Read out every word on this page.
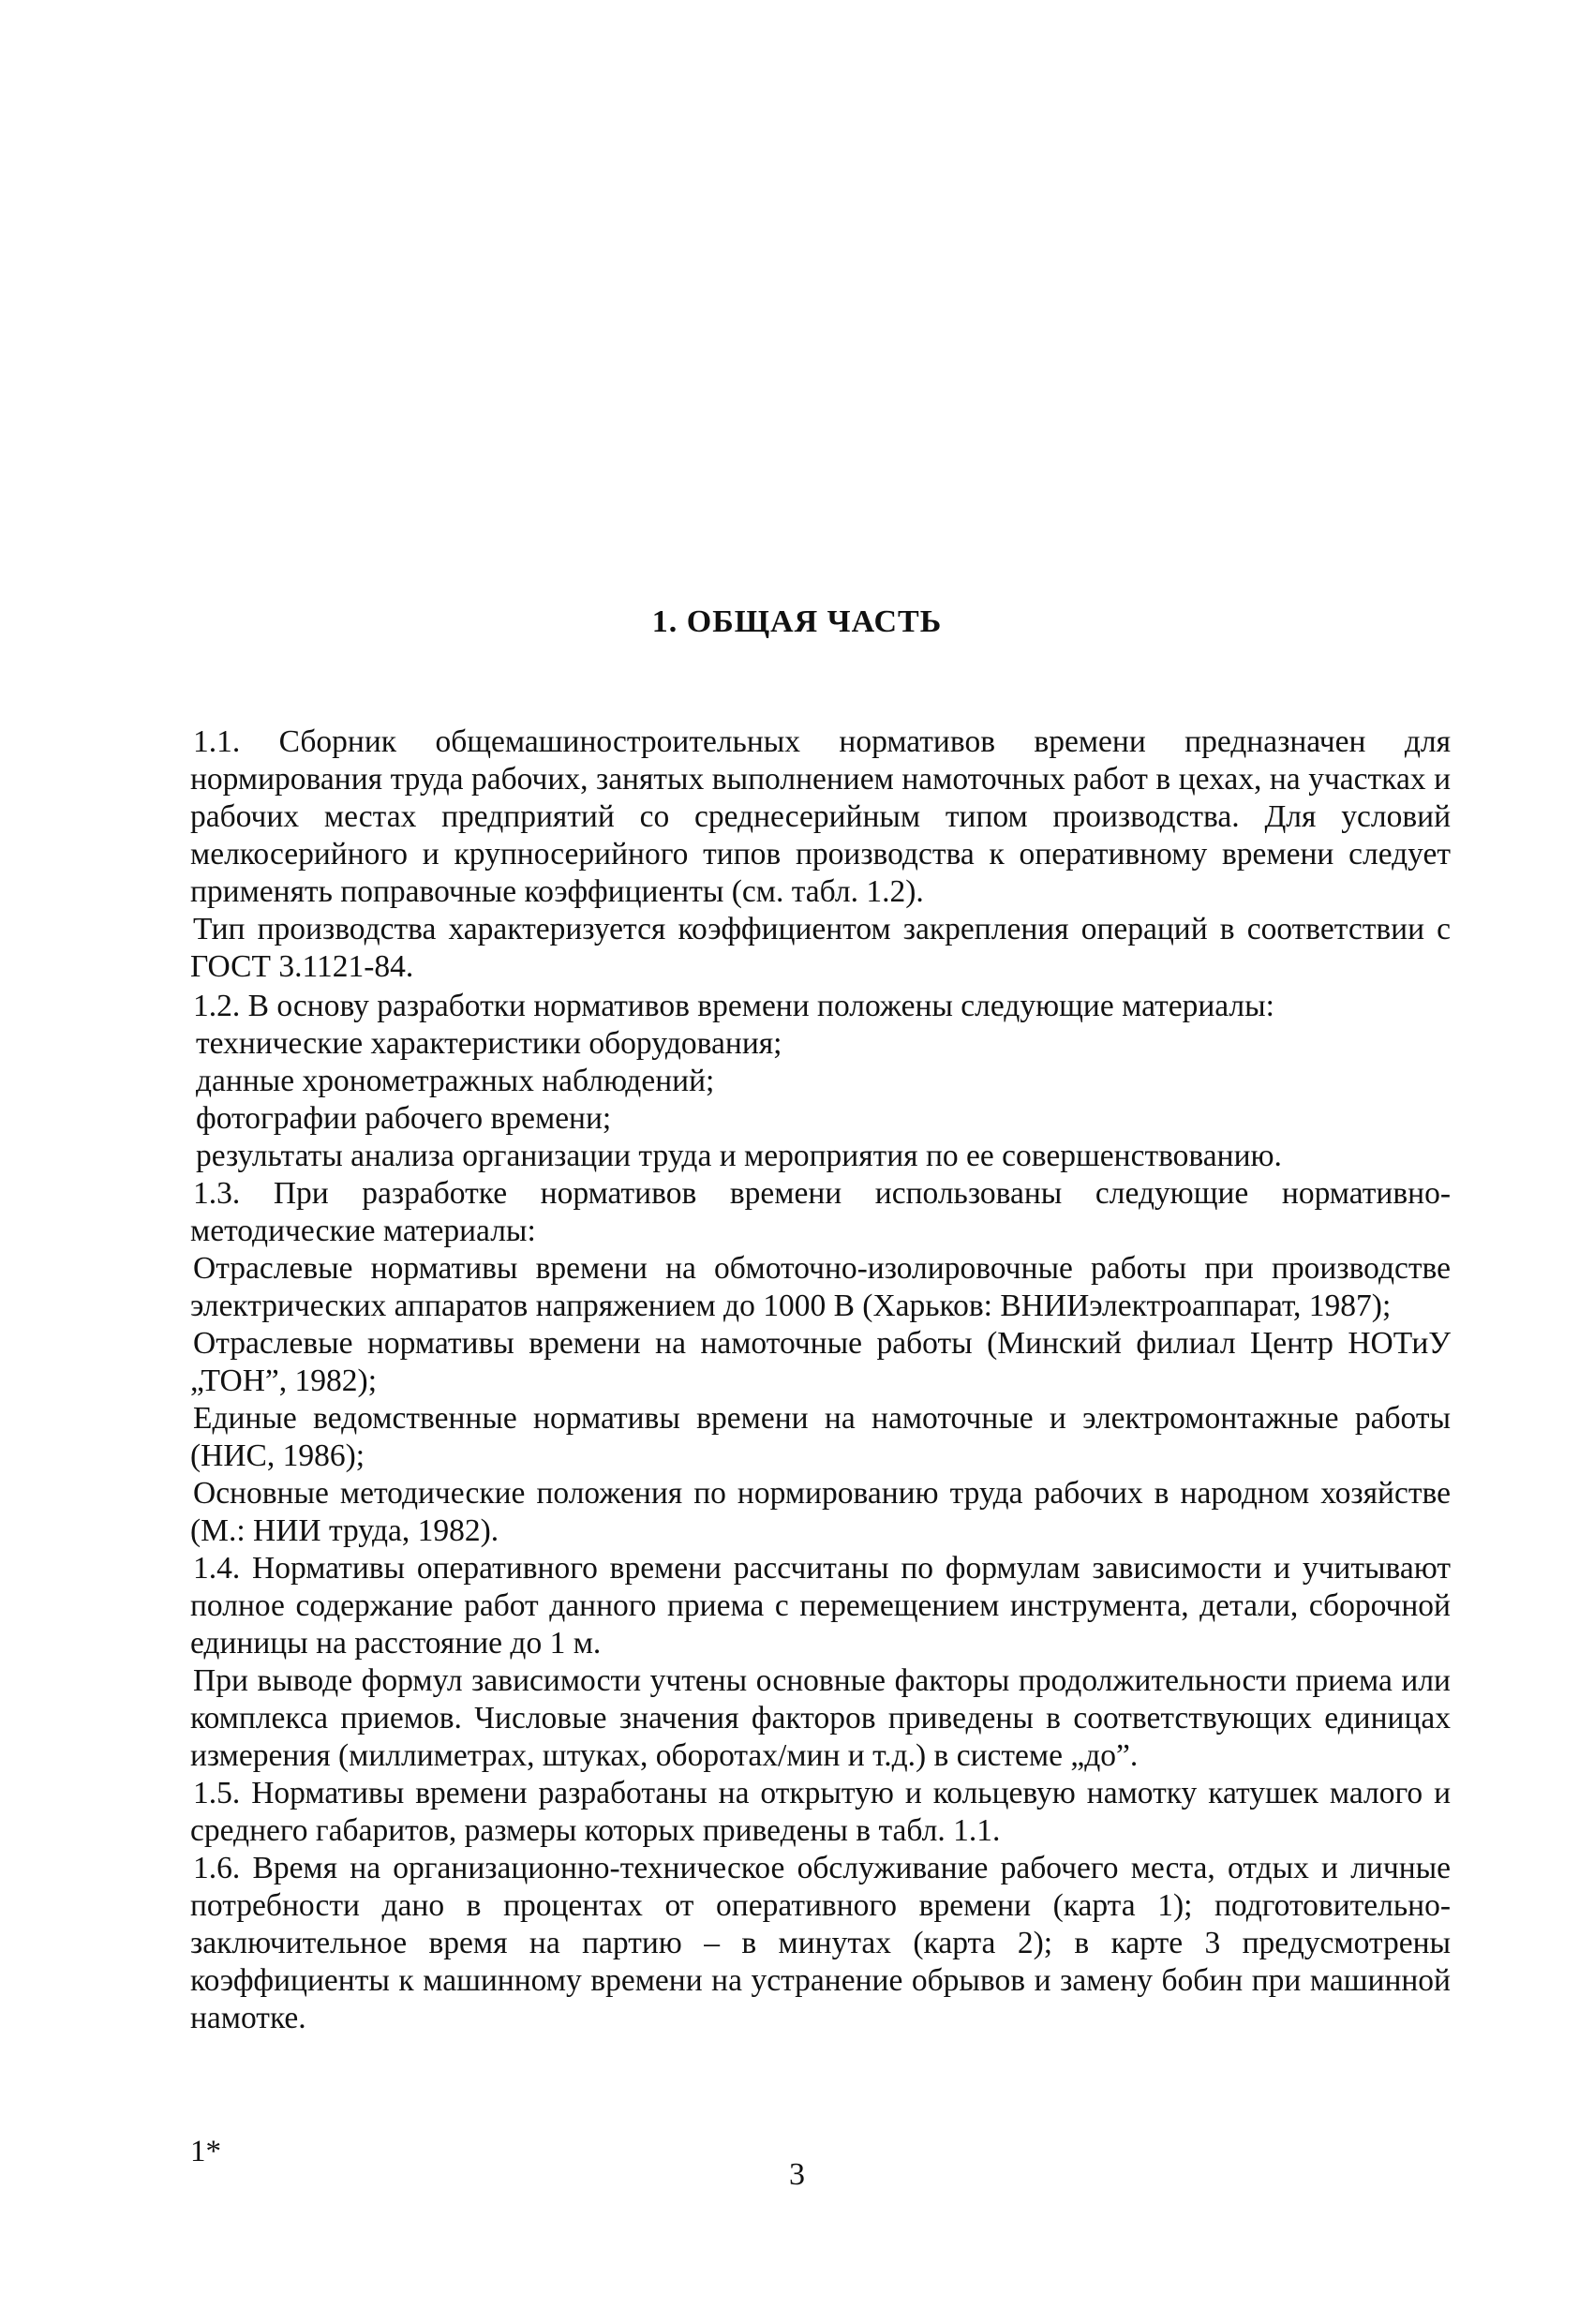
1. ОБЩАЯ ЧАСТЬ

1.1. Сборник общемашиностроительных нормативов времени предназначен для нормирования труда рабочих, занятых выполнением намоточных работ в цехах, на участках и рабочих местах предприятий со среднесерийным типом производства. Для условий мелкосерийного и крупносерийного типов производства к оперативному времени следует применять поправочные коэффициенты (см. табл. 1.2).

Тип производства характеризуется коэффициентом закрепления операций в соответствии с ГОСТ 3.1121-84.

1.2. В основу разработки нормативов времени положены следующие материалы:

технические характеристики оборудования;

данные хронометражных наблюдений;

фотографии рабочего времени;

результаты анализа организации труда и мероприятия по ее совершенствованию.

1.3. При разработке нормативов времени использованы следующие нормативно-методические материалы:

Отраслевые нормативы времени на обмоточно-изолировочные работы при производстве электрических аппаратов напряжением до 1000 В (Харьков: ВНИИэлектроаппарат, 1987);

Отраслевые нормативы времени на намоточные работы (Минский филиал Центр НОТиУ „ТОН”, 1982);

Единые ведомственные нормативы времени на намоточные и электромонтажные работы (НИС, 1986);

Основные методические положения по нормированию труда рабочих в народном хозяйстве (М.: НИИ труда, 1982).

1.4. Нормативы оперативного времени рассчитаны по формулам зависимости и учитывают полное содержание работ данного приема с перемещением инструмента, детали, сборочной единицы на расстояние до 1 м.

При выводе формул зависимости учтены основные факторы продолжительности приема или комплекса приемов. Числовые значения факторов приведены в соответствующих единицах измерения (миллиметрах, штуках, оборотах/мин и т.д.) в системе „до”.

1.5. Нормативы времени разработаны на открытую и кольцевую намотку катушек малого и среднего габаритов, размеры которых приведены в табл. 1.1.

1.6. Время на организационно-техническое обслуживание рабочего места, отдых и личные потребности дано в процентах от оперативного времени (карта 1); подготовительно-заключительное время на партию – в минутах (карта 2); в карте 3 предусмотрены коэффициенты к машинному времени на устранение обрывов и замену бобин при машинной намотке.

1*
3
